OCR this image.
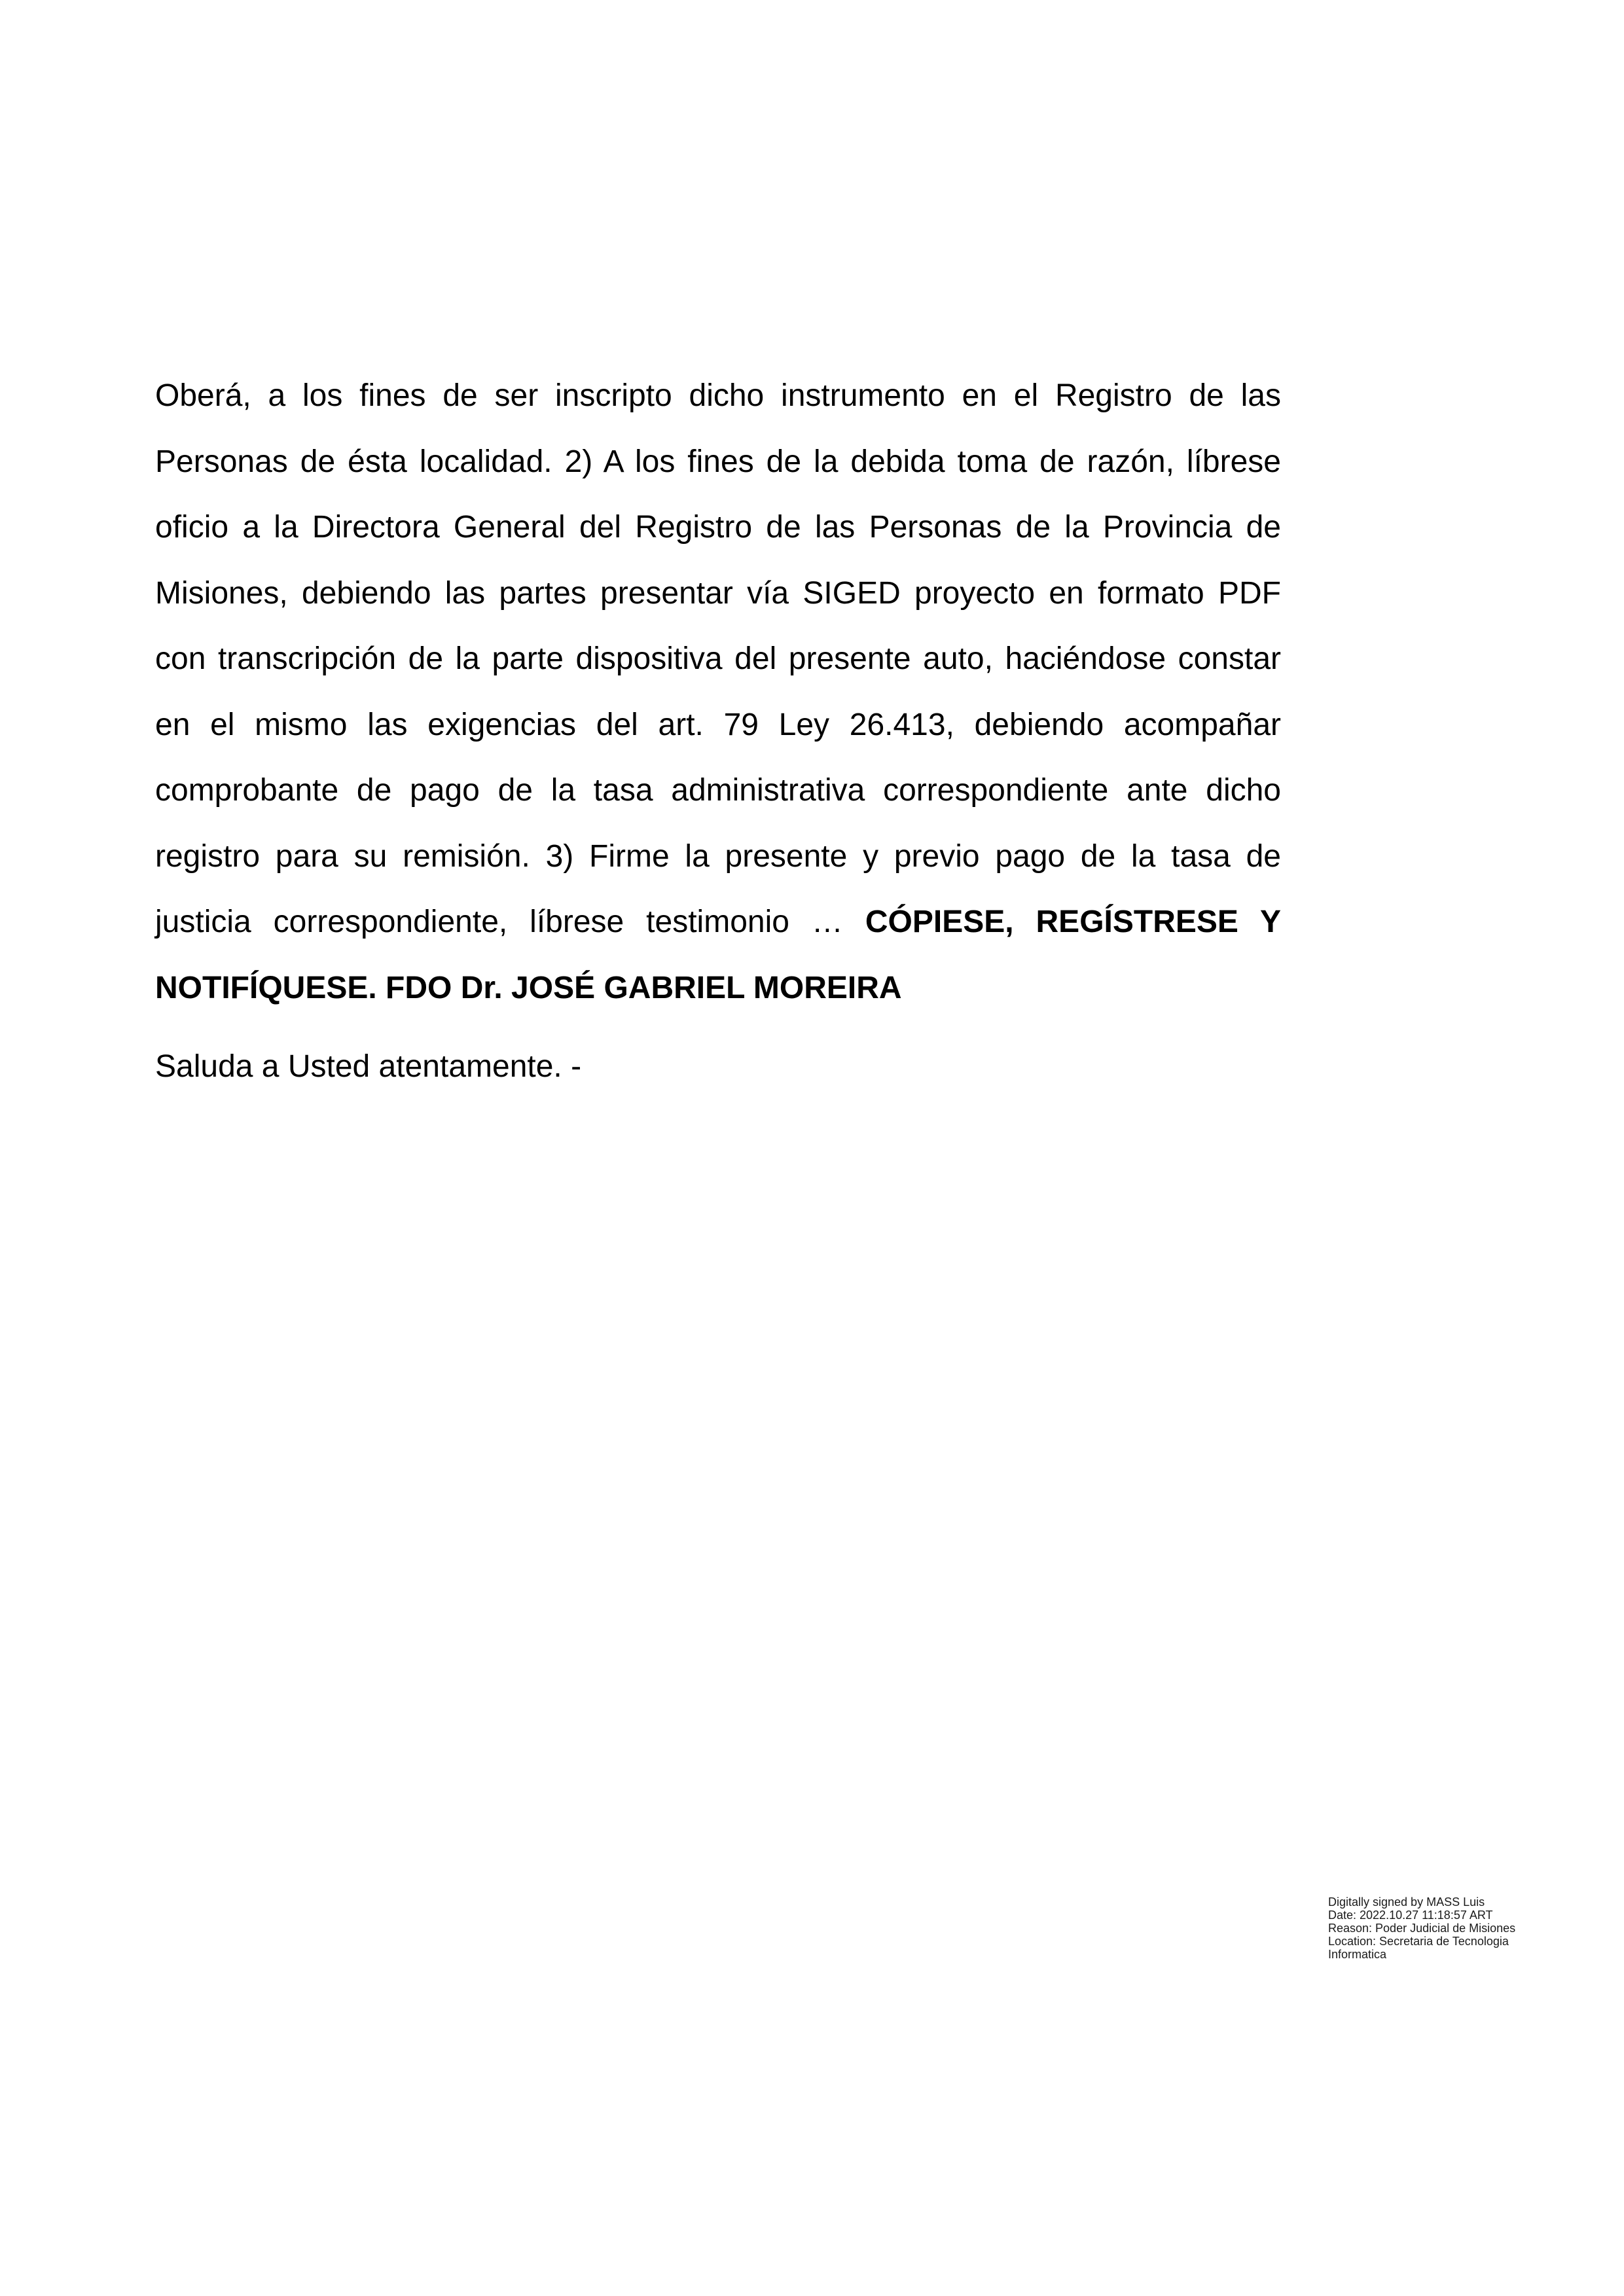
Oberá, a los fines de ser inscripto dicho instrumento en el Registro de las Personas de ésta localidad. 2) A los fines de la debida toma de razón, líbrese oficio a la Directora General del Registro de las Personas de la Provincia de Misiones, debiendo las partes presentar vía SIGED proyecto en formato PDF con transcripción de la parte dispositiva del presente auto, haciéndose constar en el mismo las exigencias del art. 79 Ley 26.413, debiendo acompañar comprobante de pago de la tasa administrativa correspondiente ante dicho registro para su remisión. 3) Firme la presente y previo pago de la tasa de justicia correspondiente, líbrese testimonio … CÓPIESE, REGÍSTRESE Y NOTIFÍQUESE. FDO Dr. JOSÉ GABRIEL MOREIRA

Saluda a Usted atentamente. -

Digitally signed by MASS Luis
Date: 2022.10.27 11:18:57 ART
Reason: Poder Judicial de Misiones
Location: Secretaria de Tecnologia
Informatica
